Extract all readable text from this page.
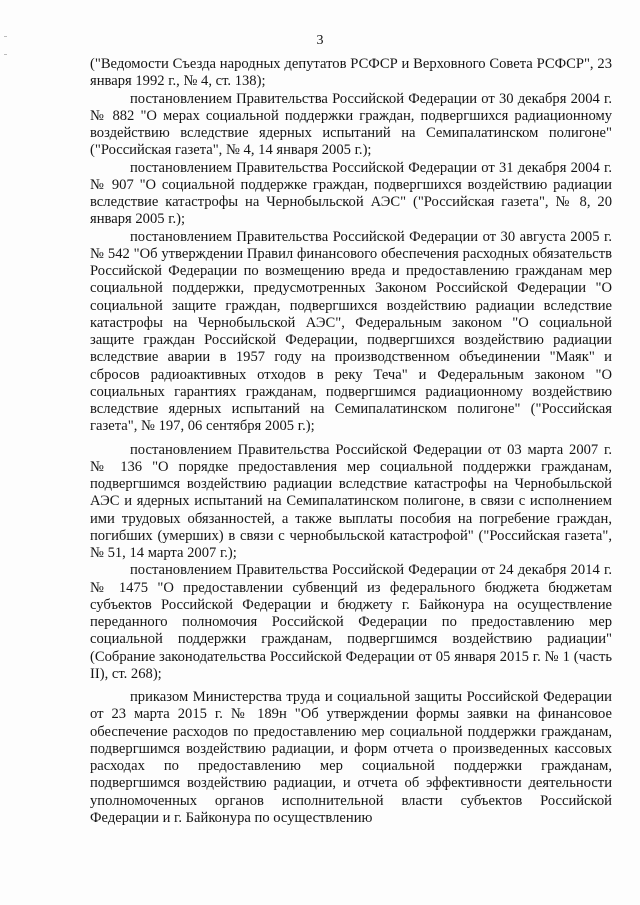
3

("Ведомости Съезда народных депутатов РСФСР и Верховного Совета РСФСР", 23 января 1992 г., № 4, ст. 138);

постановлением Правительства Российской Федерации от 30 декабря 2004 г. № 882 "О мерах социальной поддержки граждан, подвергшихся радиационному воздействию вследствие ядерных испытаний на Семипалатинском полигоне" ("Российская газета", № 4, 14 января 2005 г.);

постановлением Правительства Российской Федерации от 31 декабря 2004 г. № 907 "О социальной поддержке граждан, подвергшихся воздействию радиации вследствие катастрофы на Чернобыльской АЭС" ("Российская газета", № 8, 20 января 2005 г.);

постановлением Правительства Российской Федерации от 30 августа 2005 г. № 542 "Об утверждении Правил финансового обеспечения расходных обязательств Российской Федерации по возмещению вреда и предоставлению гражданам мер социальной поддержки, предусмотренных Законом Российской Федерации "О социальной защите граждан, подвергшихся воздействию радиации вследствие катастрофы на Чернобыльской АЭС", Федеральным законом "О социальной защите граждан Российской Федерации, подвергшихся воздействию радиации вследствие аварии в 1957 году на производственном объединении "Маяк" и сбросов радиоактивных отходов в реку Теча" и Федеральным законом "О социальных гарантиях гражданам, подвергшимся радиационному воздействию вследствие ядерных испытаний на Семипалатинском полигоне" ("Российская газета", № 197, 06 сентября 2005 г.);

постановлением Правительства Российской Федерации от 03 марта 2007 г. № 136 "О порядке предоставления мер социальной поддержки гражданам, подвергшимся воздействию радиации вследствие катастрофы на Чернобыльской АЭС и ядерных испытаний на Семипалатинском полигоне, в связи с исполнением ими трудовых обязанностей, а также выплаты пособия на погребение граждан, погибших (умерших) в связи с чернобыльской катастрофой" ("Российская газета", № 51, 14 марта 2007 г.);

постановлением Правительства Российской Федерации от 24 декабря 2014 г. № 1475 "О предоставлении субвенций из федерального бюджета бюджетам субъектов Российской Федерации и бюджету г. Байконура на осуществление переданного полномочия Российской Федерации по предоставлению мер социальной поддержки гражданам, подвергшимся воздействию радиации" (Собрание законодательства Российской Федерации от 05 января 2015 г. № 1 (часть II), ст. 268);

приказом Министерства труда и социальной защиты Российской Федерации от 23 марта 2015 г. № 189н "Об утверждении формы заявки на финансовое обеспечение расходов по предоставлению мер социальной поддержки гражданам, подвергшимся воздействию радиации, и форм отчета о произведенных кассовых расходах по предоставлению мер социальной поддержки гражданам, подвергшимся воздействию радиации, и отчета об эффективности деятельности уполномоченных органов исполнительной власти субъектов Российской Федерации и г. Байконура по осуществлению
